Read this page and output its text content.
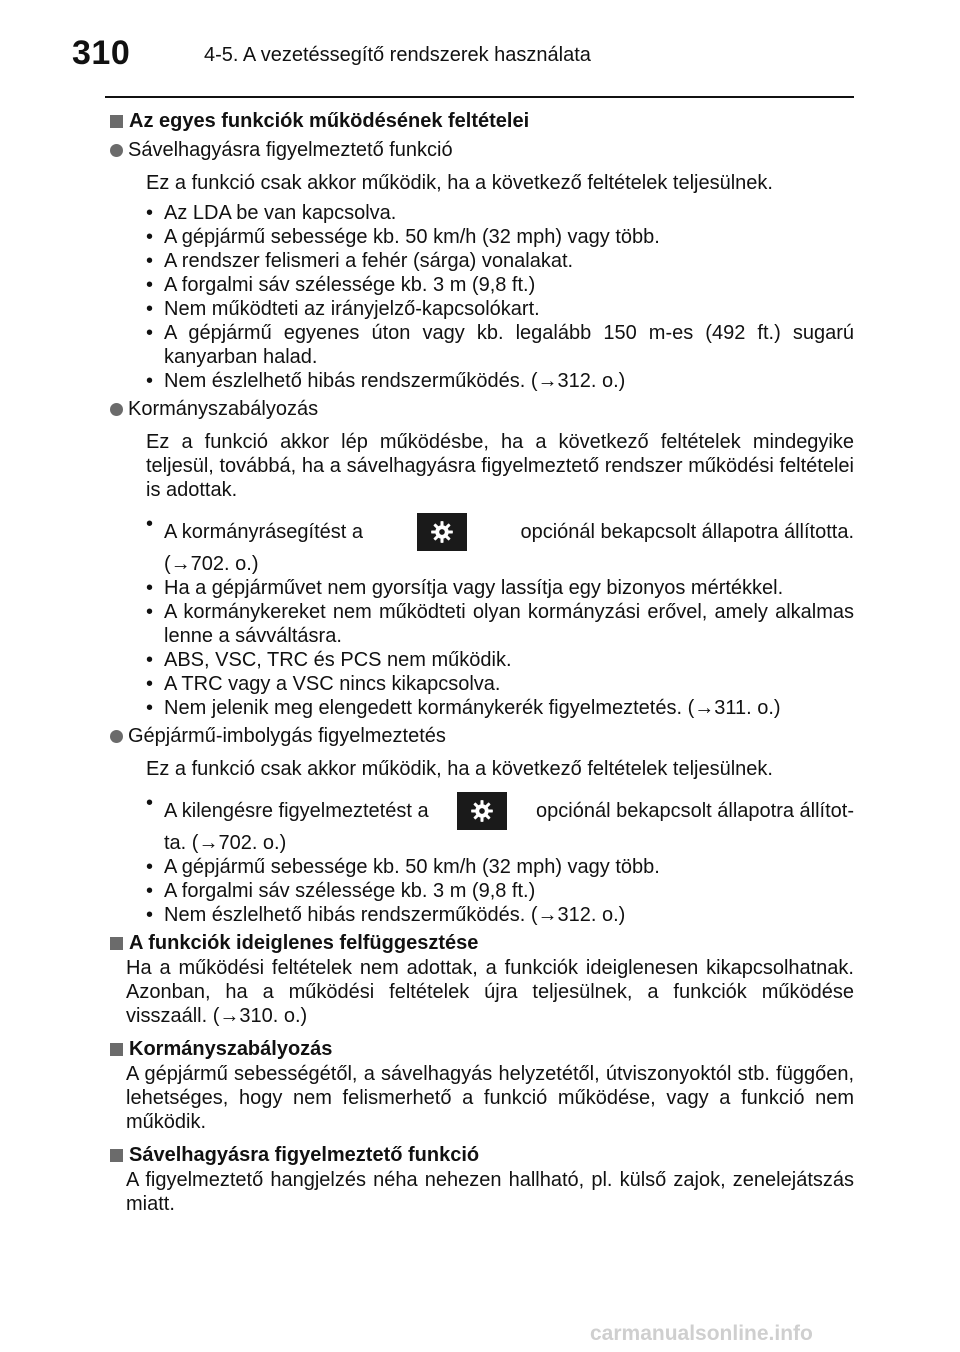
310	4-5. A vezetéssegítő rendszerek használata
Az egyes funkciók működésének feltételei
Sávelhagyásra figyelmeztető funkció
Ez a funkció csak akkor működik, ha a következő feltételek teljesülnek.
• Az LDA be van kapcsolva.
• A gépjármű sebessége kb. 50 km/h (32 mph) vagy több.
• A rendszer felismeri a fehér (sárga) vonalakat.
• A forgalmi sáv szélessége kb. 3 m (9,8 ft.)
• Nem működteti az irányjelző-kapcsolókart.
• A gépjármű egyenes úton vagy kb. legalább 150 m-es (492 ft.) sugarú kanyarban halad.
• Nem észlelhető hibás rendszerműködés. (→312. o.)
Kormányszabályozás
Ez a funkció akkor lép működésbe, ha a következő feltételek mindegyike teljesül, továbbá, ha a sávelhagyásra figyelmeztető rendszer működési feltételei is adottak.
• A kormányrásegítést a	opciónál bekapcsolt állapotra állította.
(→702. o.)
• Ha a gépjárművet nem gyorsítja vagy lassítja egy bizonyos mértékkel.
• A kormánykereket nem működteti olyan kormányzási erővel, amely alkalmas lenne a sávváltásra.
• ABS, VSC, TRC és PCS nem működik.
• A TRC vagy a VSC nincs kikapcsolva.
• Nem jelenik meg elengedett kormánykerék figyelmeztetés. (→311. o.)
Gépjármű-imbolygás figyelmeztetés
Ez a funkció csak akkor működik, ha a következő feltételek teljesülnek.
• A kilengésre figyelmeztetést a	opciónál bekapcsolt állapotra állítot-
ta. (→702. o.)
• A gépjármű sebessége kb. 50 km/h (32 mph) vagy több.
• A forgalmi sáv szélessége kb. 3 m (9,8 ft.)
• Nem észlelhető hibás rendszerműködés. (→312. o.)
A funkciók ideiglenes felfüggesztése
Ha a működési feltételek nem adottak, a funkciók ideiglenesen kikapcsolhatnak. Azonban, ha a működési feltételek újra teljesülnek, a funkciók működése visszaáll. (→310. o.)
Kormányszabályozás
A gépjármű sebességétől, a sávelhagyás helyzetétől, útviszonyoktól stb. függően, lehetséges, hogy nem felismerhető a funkció működése, vagy a funkció nem működik.
Sávelhagyásra figyelmeztető funkció
A figyelmeztető hangjelzés néha nehezen hallható, pl. külső zajok, zenelejátszás miatt.
carmanualsonline.info
